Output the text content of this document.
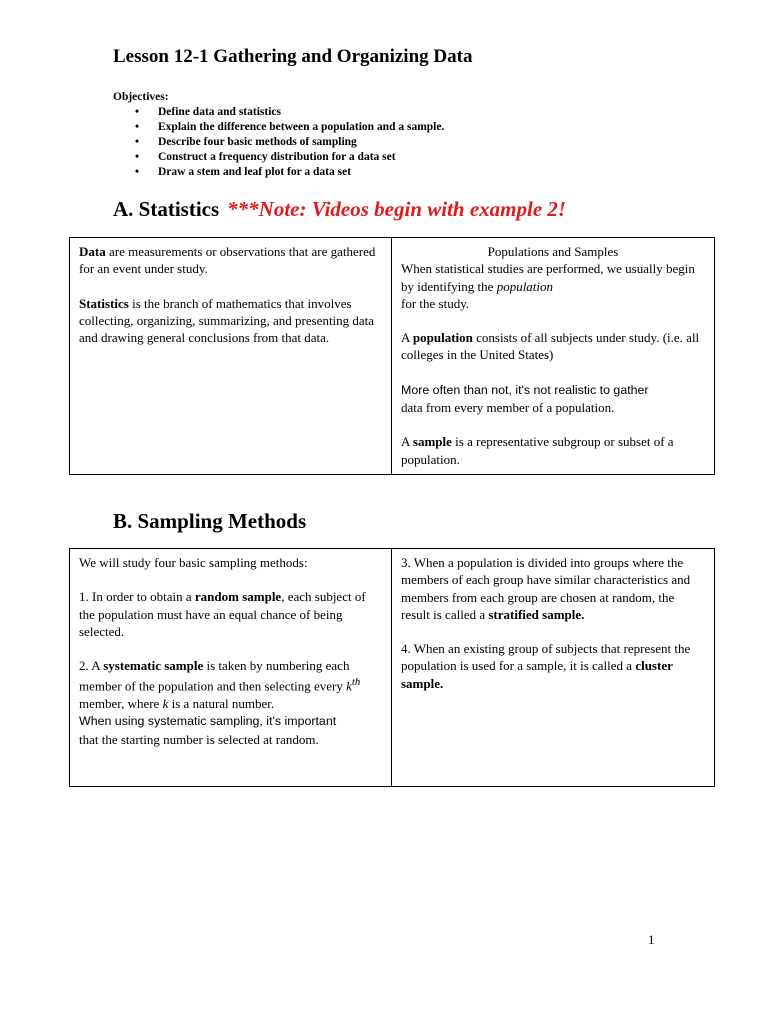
Lesson 12-1 Gathering and Organizing Data
Objectives:
• Define data and statistics
• Explain the difference between a population and a sample.
• Describe four basic methods of sampling
• Construct a frequency distribution for a data set
• Draw a stem and leaf plot for a data set
A. Statistics ***Note: Videos begin with example 2!

Data are measurements or observations that are gathered for an event under study.

Statistics is the branch of mathematics that involves collecting, organizing, summarizing, and presenting data and drawing general conclusions from that data.

Populations and Samples

When statistical studies are performed, we usually begin by identifying the population
for the study.

A population consists of all subjects under study. (i.e. all colleges in the United States)

More often than not, it's not realistic to gather
data from every member of a population.

A sample is a representative subgroup or subset of a population.

B. Sampling Methods

We will study four basic sampling methods:

1. In order to obtain a random sample, each subject of the population must have an equal chance of being selected.

2. A systematic sample is taken by numbering each member of the population and then selecting every $k^{th}$ member, where k is a natural number.
When using systematic sampling, it's important
that the starting number is selected at random.

3. When a population is divided into groups where the members of each group have similar characteristics and members from each group are chosen at random, the result is called a stratified sample.

4. When an existing group of subjects that represent the population is used for a sample, it is called a cluster sample.

1
